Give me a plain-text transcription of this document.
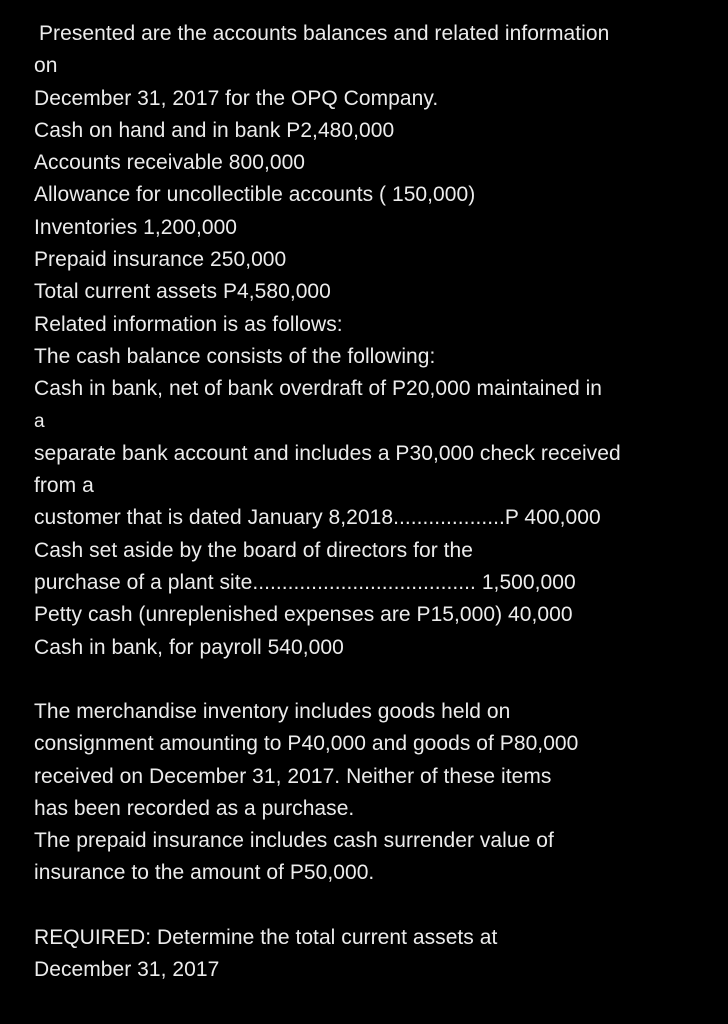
Presented are the accounts balances and related information
on
December 31, 2017 for the OPQ Company.
Cash on hand and in bank P2,480,000
Accounts receivable 800,000
Allowance for uncollectible accounts ( 150,000)
Inventories 1,200,000
Prepaid insurance 250,000
Total current assets P4,580,000
Related information is as follows:
The cash balance consists of the following:
Cash in bank, net of bank overdraft of P20,000 maintained in
a
separate bank account and includes a P30,000 check received
from a
customer that is dated January 8,2018...................P 400,000
Cash set aside by the board of directors for the
purchase of a plant site...................................... 1,500,000
Petty cash (unreplenished expenses are P15,000) 40,000
Cash in bank, for payroll 540,000
The merchandise inventory includes goods held on
consignment amounting to P40,000 and goods of P80,000
received on December 31, 2017. Neither of these items
has been recorded as a purchase.
The prepaid insurance includes cash surrender value of
insurance to the amount of P50,000.
REQUIRED: Determine the total current assets at
December 31, 2017
